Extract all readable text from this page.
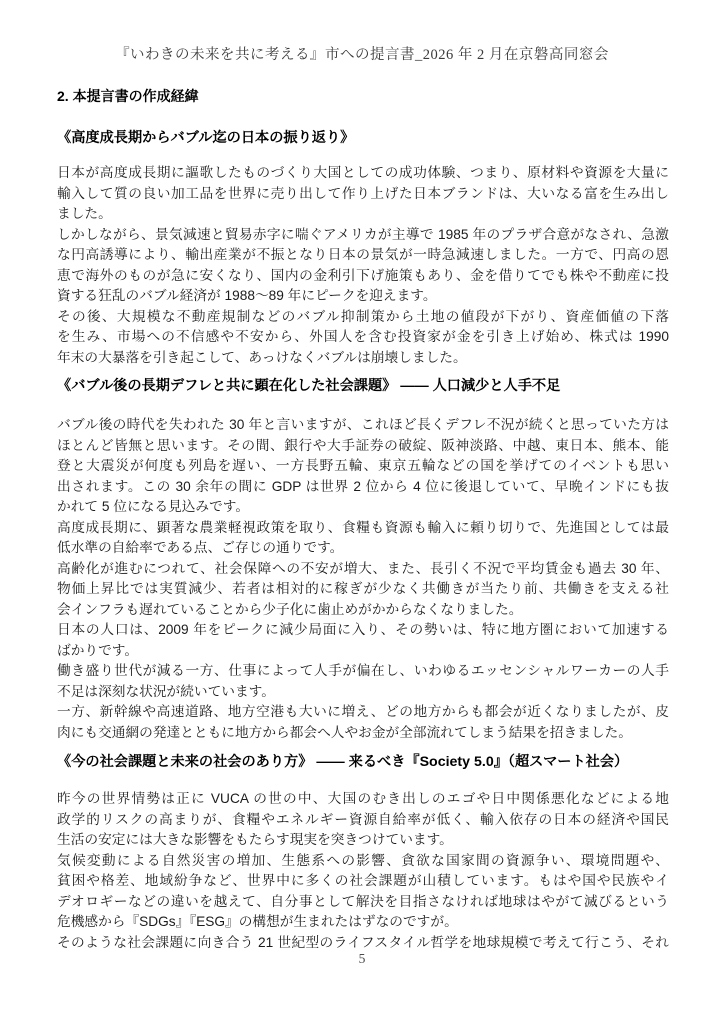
『いわきの未来を共に考える』市への提言書_2026 年 2 月在京磐高同窓会
2. 本提言書の作成経緯
《高度成長期からバブル迄の日本の振り返り》
日本が高度成長期に謳歌したものづくり大国としての成功体験、つまり、原材料や資源を大量に
輸入して質の良い加工品を世界に売り出して作り上げた日本ブランドは、大いなる富を生み出し
ました。
しかしながら、景気減速と貿易赤字に喘ぐアメリカが主導で 1985 年のプラザ合意がなされ、急激
な円高誘導により、輸出産業が不振となり日本の景気が一時急減速しました。一方で、円高の恩
恵で海外のものが急に安くなり、国内の金利引下げ施策もあり、金を借りてでも株や不動産に投
資する狂乱のバブル経済が 1988～89 年にピークを迎えます。
その後、大規模な不動産規制などのバブル抑制策から土地の値段が下がり、資産価値の下落
を生み、市場への不信感や不安から、外国人を含む投資家が金を引き上げ始め、株式は 1990
年末の大暴落を引き起こして、あっけなくバブルは崩壊しました。
《バブル後の長期デフレと共に顕在化した社会課題》 ―― 人口減少と人手不足
バブル後の時代を失われた 30 年と言いますが、これほど長くデフレ不況が続くと思っていた方は
ほとんど皆無と思います。その間、銀行や大手証券の破綻、阪神淡路、中越、東日本、熊本、能
登と大震災が何度も列島を遅い、一方長野五輪、東京五輪などの国を挙げてのイベントも思い
出されます。この 30 余年の間に GDP は世界 2 位から 4 位に後退していて、早晩インドにも抜
かれて 5 位になる見込みです。
高度成長期に、顕著な農業軽視政策を取り、食糧も資源も輸入に頼り切りで、先進国としては最
低水準の自給率である点、ご存じの通りです。
高齢化が進むにつれて、社会保障への不安が増大、また、長引く不況で平均賃金も過去 30 年、
物価上昇比では実質減少、若者は相対的に稼ぎが少なく共働きが当たり前、共働きを支える社
会インフラも遅れていることから少子化に歯止めがかからなくなりました。
日本の人口は、2009 年をピークに減少局面に入り、その勢いは、特に地方圏において加速する
ばかりです。
働き盛り世代が減る一方、仕事によって人手が偏在し、いわゆるエッセンシャルワーカーの人手
不足は深刻な状況が続いています。
一方、新幹線や高速道路、地方空港も大いに増え、どの地方からも都会が近くなりましたが、皮
肉にも交通網の発達とともに地方から都会へ人やお金が全部流れてしまう結果を招きました。
《今の社会課題と未来の社会のあり方》 ―― 来るべき『Society 5.0』（超スマート社会）
昨今の世界情勢は正に VUCA の世の中、大国のむき出しのエゴや日中関係悪化などによる地
政学的リスクの高まりが、食糧やエネルギー資源自給率が低く、輸入依存の日本の経済や国民
生活の安定には大きな影響をもたらす現実を突きつけています。
気候変動による自然災害の増加、生態系への影響、貪欲な国家間の資源争い、環境問題や、
貧困や格差、地域紛争など、世界中に多くの社会課題が山積しています。もはや国や民族やイ
デオロギーなどの違いを越えて、自分事として解決を目指さなければ地球はやがて滅びるという
危機感から『SDGs』『ESG』の構想が生まれたはずなのですが。
そのような社会課題に向き合う 21 世紀型のライフスタイル哲学を地球規模で考えて行こう、それ
5
